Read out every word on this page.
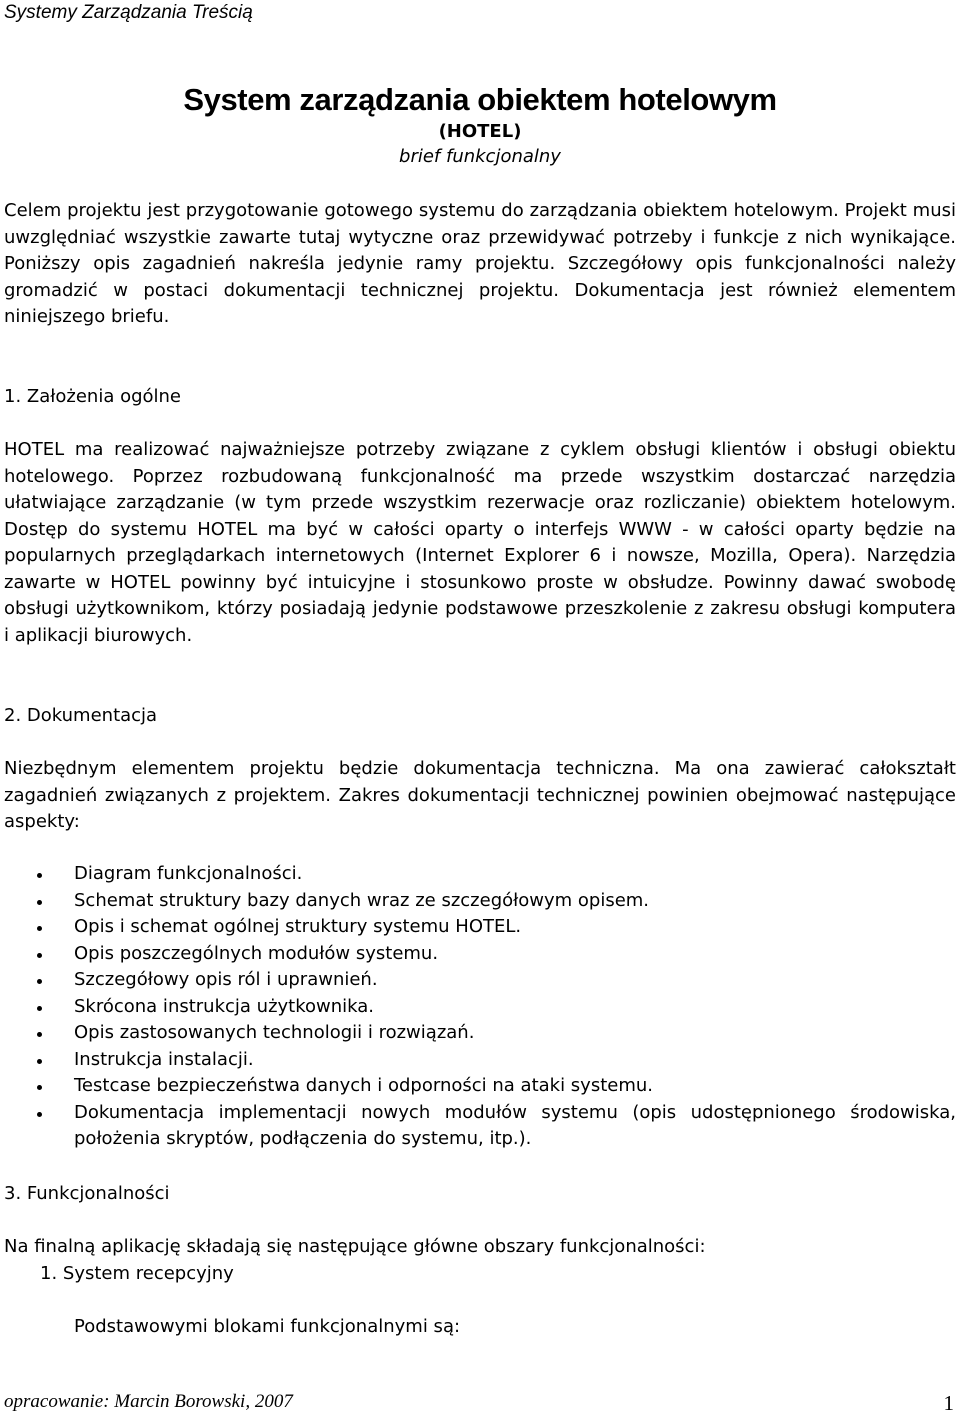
Systemy Zarządzania Treścią
System zarządzania obiektem hotelowym
(HOTEL)
brief funkcjonalny
Celem projektu jest przygotowanie gotowego systemu do zarządzania obiektem hotelowym. Projekt musi uwzględniać wszystkie zawarte tutaj wytyczne oraz przewidywać potrzeby i funkcje z nich wynikające. Poniższy opis zagadnień nakreśla jedynie ramy projektu. Szczegółowy opis funkcjonalności należy gromadzić w postaci dokumentacji technicznej projektu. Dokumentacja jest również elementem niniejszego briefu.
1. Założenia ogólne
HOTEL ma realizować najważniejsze potrzeby związane z cyklem obsługi klientów i obsługi obiektu hotelowego. Poprzez rozbudowaną funkcjonalność ma przede wszystkim dostarczać narzędzia ułatwiające zarządzanie (w tym przede wszystkim rezerwacje oraz rozliczanie) obiektem hotelowym. Dostęp do systemu HOTEL ma być w całości oparty o interfejs WWW - w całości oparty będzie na popularnych przeglądarkach internetowych (Internet Explorer 6 i nowsze, Mozilla, Opera). Narzędzia zawarte w HOTEL powinny być intuicyjne i stosunkowo proste w obsłudze. Powinny dawać swobodę obsługi użytkownikom, którzy posiadają jedynie podstawowe przeszkolenie z zakresu obsługi komputera i aplikacji biurowych.
2. Dokumentacja
Niezbędnym elementem projektu będzie dokumentacja techniczna. Ma ona zawierać całokształt zagadnień związanych z projektem. Zakres dokumentacji technicznej powinien obejmować następujące aspekty:
Diagram funkcjonalności.
Schemat struktury bazy danych wraz ze szczegółowym opisem.
Opis i schemat ogólnej struktury systemu HOTEL.
Opis poszczególnych modułów systemu.
Szczegółowy opis ról i uprawnień.
Skrócona instrukcja użytkownika.
Opis zastosowanych technologii i rozwiązań.
Instrukcja instalacji.
Testcase bezpieczeństwa danych i odporności na ataki systemu.
Dokumentacja implementacji nowych modułów systemu (opis udostępnionego środowiska, położenia skryptów, podłączenia do systemu, itp.).
3. Funkcjonalności
Na finalną aplikację składają się następujące główne obszary funkcjonalności:
1. System recepcyjny
Podstawowymi blokami funkcjonalnymi są:
opracowanie: Marcin Borowski, 2007	1
